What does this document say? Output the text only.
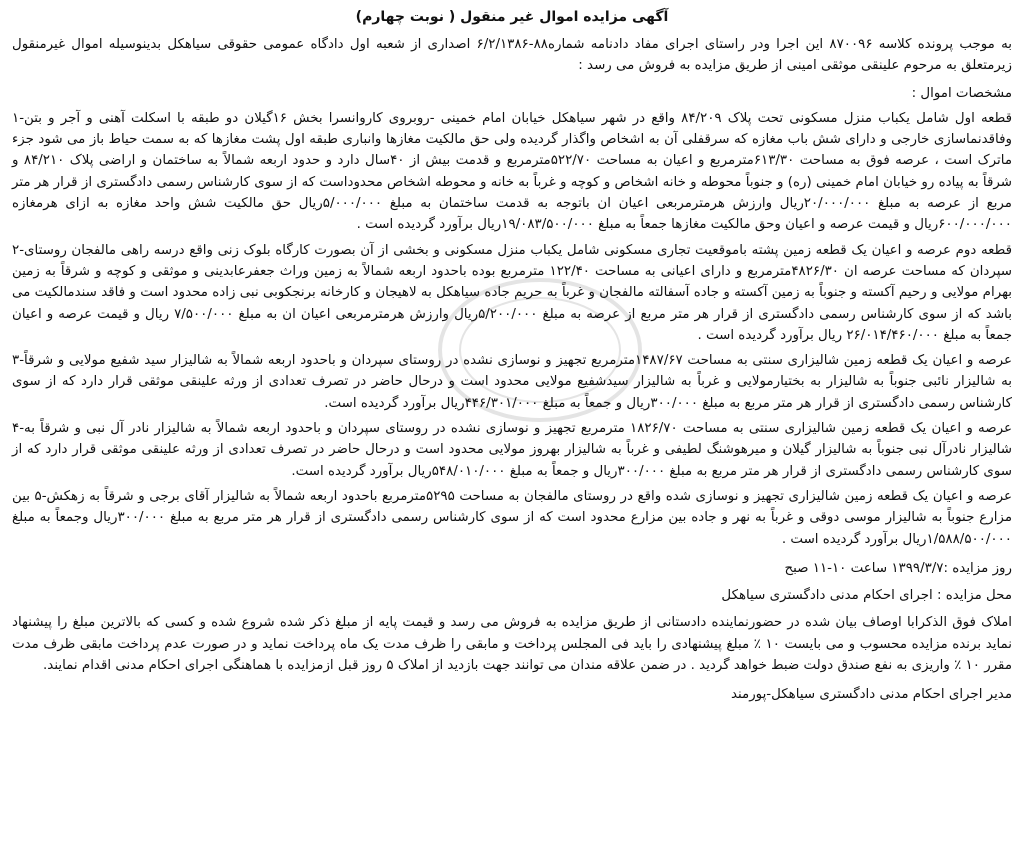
آگهی مزایده اموال غیر منقول ( نوبت چهارم)
به موجب پرونده کلاسه ۸۷۰۰۹۶ این اجرا ودر راستای اجرای مفاد دادنامه شماره۸۸-۶/۲/۱۳۸۶ اصداری از شعبه اول دادگاه عمومی حقوقی سیاهکل بدینوسیله اموال غیرمنقول زیرمتعلق به مرحوم علینقی موثقی امینی از طریق مزایده به فروش می رسد :
مشخصات اموال :
قطعه اول شامل یکباب منزل مسکونی تحت پلاک ۸۴/۲۰۹ واقع در شهر سیاهکل خیابان امام خمینی -روبروی کاروانسرا بخش ۱۶گیلان دو طبقه با اسکلت آهنی و آجر و بتن-۱ وفاقدنماسازی خارجی و دارای شش باب مغازه که سرقفلی آن به اشخاص واگذار گردیده ولی حق مالکیت مغازها وانباری طبقه اول پشت مغازها که به سمت حیاط باز می شود جزء ماترک است ، عرصه فوق به مساحت ۶۱۳/۳۰مترمربع و اعیان به مساحت ۵۲۲/۷۰مترمربع و قدمت بیش از ۴۰سال دارد و حدود اربعه شمالاً به ساختمان و اراضی پلاک ۸۴/۲۱۰ و شرقاً به پیاده رو خیابان امام خمینی (ره) و جنوباً محوطه و خانه اشخاص و کوچه و غرباً به خانه و محوطه اشخاص محدوداست که از سوی کارشناس رسمی دادگستری از قرار هر متر مربع از عرصه به مبلغ ۲۰/۰۰۰/۰۰۰ریال وارزش هرمترمربعی اعیان ان باتوجه به قدمت ساختمان به مبلغ ۵/۰۰۰/۰۰۰ریال حق مالکیت شش واحد مغازه به ازای هرمغازه ۶۰۰/۰۰۰/۰۰۰ریال و قیمت عرصه و اعیان وحق مالکیت مغازها جمعاً به مبلغ ۱۹/۰۸۳/۵۰۰/۰۰۰ریال برآورد گردیده است .
قطعه دوم عرصه و اعیان یک قطعه زمین پشته باموقعیت تجاری مسکونی شامل یکباب منزل مسکونی و بخشی از آن بصورت کارگاه بلوک زنی واقع درسه راهی مالفجان روستای-۲ سپردان که مساحت عرصه ان ۴۸۲۶/۳۰مترمربع و دارای اعیانی به مساحت ۱۲۲/۴۰ مترمربع بوده باحدود اربعه شمالاً به زمین وراث جعفرعابدینی و موثقی و کوچه و شرقاً به زمین بهرام مولایی و رحیم آکسته و جنوباً به زمین آکسته و جاده آسفالته مالفجان و غرباً به حریم جاده سیاهکل به لاهیجان و کارخانه برنجکوبی نبی زاده محدود است و فاقد سندمالکیت می باشد که از سوی کارشناس رسمی دادگستری از قرار هر متر مربع از عرصه به مبلغ ۵/۲۰۰/۰۰۰ریال وارزش هرمترمربعی اعیان ان به مبلغ ۷/۵۰۰/۰۰۰ ریال و قیمت عرصه و اعیان جمعاً به مبلغ ۲۶/۰۱۴/۴۶۰/۰۰۰ ریال برآورد گردیده است .
عرصه و اعیان یک قطعه زمین شالیزاری سنتی به مساحت ۱۴۸۷/۶۷مترمربع تجهیز و نوسازی نشده در روستای سپردان و باحدود اربعه شمالاً به شالیزار سید شفیع مولایی و شرقاً-۳ به شالیزار نائبی جنوباً به شالیزار به بختیارمولایی و غرباً به شالیزار سیدشفیع مولایی محدود است و درحال حاضر در تصرف تعدادی از ورثه علینقی موثقی قرار دارد که از سوی کارشناس رسمی دادگستری از قرار هر متر مربع به مبلغ ۳۰۰/۰۰۰ریال و جمعاً به مبلغ ۴۴۶/۳۰۱/۰۰۰ریال برآورد گردیده است.
عرصه و اعیان یک قطعه زمین شالیزاری سنتی به مساحت ۱۸۲۶/۷۰ مترمربع تجهیز و نوسازی نشده در روستای سپردان و باحدود اربعه شمالاً به شالیزار نادر آل نبی و شرقاً به-۴ شالیزار نادرآل نبی جنوباً به شالیزار گیلان و میرهوشنگ لطیفی و غرباً به شالیزار بهروز مولایی محدود است و درحال حاضر در تصرف تعدادی از ورثه علینقی موثقی قرار دارد که از سوی کارشناس رسمی دادگستری از قرار هر متر مربع به مبلغ ۳۰۰/۰۰۰ریال و جمعاً به مبلغ ۵۴۸/۰۱۰/۰۰۰ریال برآورد گردیده است.
عرصه و اعیان یک قطعه زمین شالیزاری تجهیز و نوسازی شده واقع در روستای مالفجان به مساحت ۵۲۹۵مترمربع باحدود اربعه شمالاً به شالیزار آقای برجی و شرقاً به زهکش-۵ بین مزارع جنوباً به شالیزار موسی دوقی و غرباً به نهر و جاده بین مزارع محدود است که از سوی کارشناس رسمی دادگستری از قرار هر متر مربع به مبلغ ۳۰۰/۰۰۰ریال وجمعاً به مبلغ ۱/۵۸۸/۵۰۰/۰۰۰ریال برآورد گردیده است .
روز مزایده :۱۳۹۹/۳/۷ ساعت ۱۰-۱۱ صبح
محل مزایده : اجرای احکام مدنی دادگستری سیاهکل
املاک فوق الذکرابا اوصاف بیان شده در حضورنماینده دادستانی از طریق مزایده به فروش می رسد و قیمت پایه از مبلغ ذکر شده شروع شده و کسی که بالاترین مبلغ را پیشنهاد نماید برنده مزایده محسوب و می بایست ۱۰ ٪ مبلغ پیشنهادی را باید فی المجلس پرداخت و مابقی را ظرف مدت یک ماه پرداخت نماید و در صورت عدم پرداخت مابقی ظرف مدت مقرر ۱۰ ٪ واریزی به نفع صندق دولت ضبط خواهد گردید . در ضمن علاقه مندان می توانند جهت بازدید از املاک ۵ روز قبل ازمزایده با هماهنگی اجرای احکام مدنی اقدام نمایند.
مدیر اجرای احکام مدنی دادگستری سیاهکل-پورمند
